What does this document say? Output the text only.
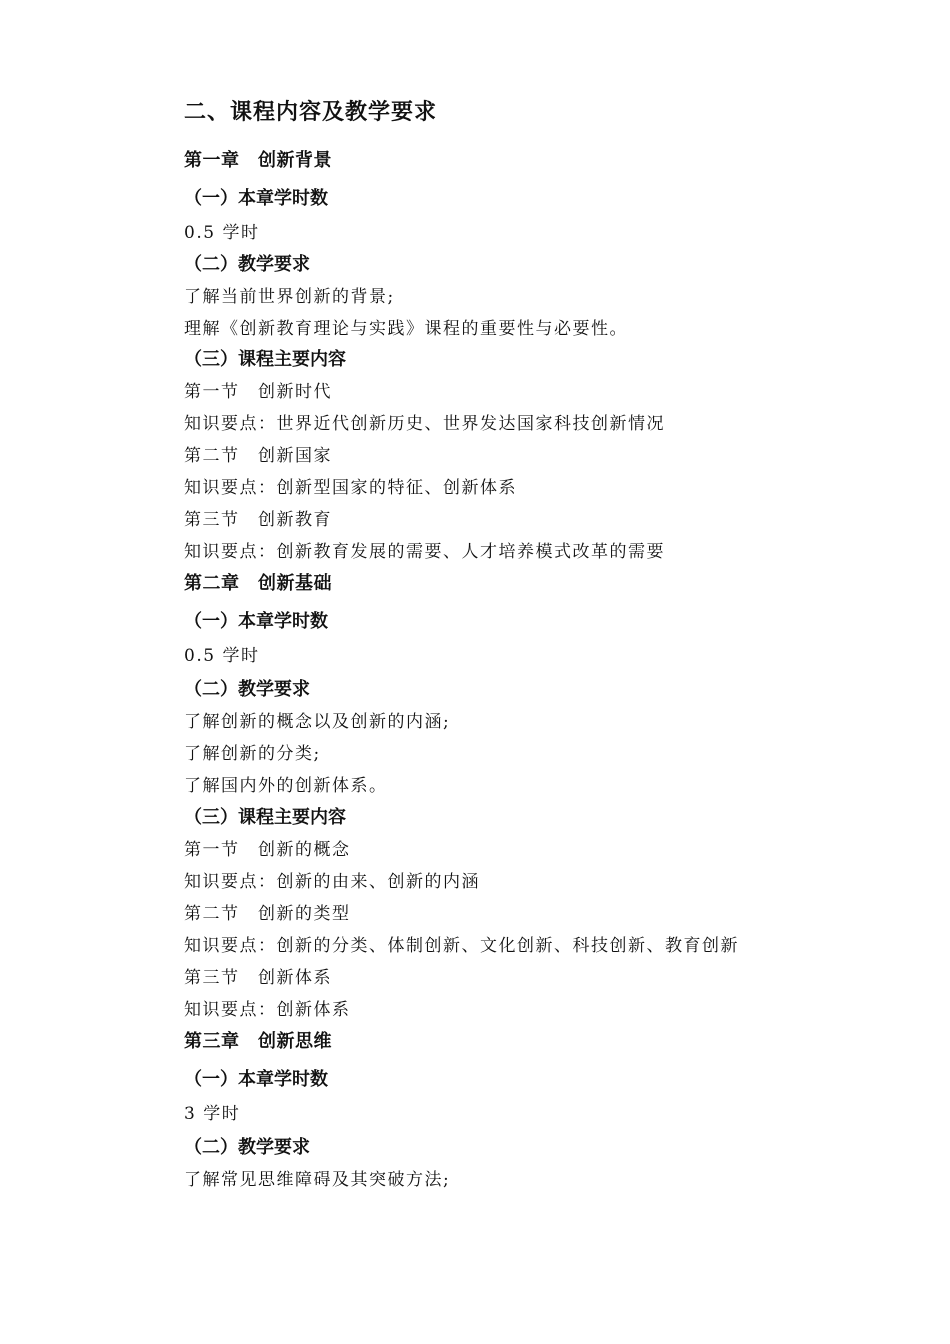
二、课程内容及教学要求
第一章　创新背景
（一）本章学时数
0.5 学时
（二）教学要求
了解当前世界创新的背景;
理解《创新教育理论与实践》课程的重要性与必要性。
（三）课程主要内容
第一节　创新时代
知识要点：世界近代创新历史、世界发达国家科技创新情况
第二节　创新国家
知识要点：创新型国家的特征、创新体系
第三节　创新教育
知识要点：创新教育发展的需要、人才培养模式改革的需要
第二章　创新基础
（一）本章学时数
0.5 学时
（二）教学要求
了解创新的概念以及创新的内涵;
了解创新的分类;
了解国内外的创新体系。
（三）课程主要内容
第一节　创新的概念
知识要点：创新的由来、创新的内涵
第二节　创新的类型
知识要点：创新的分类、体制创新、文化创新、科技创新、教育创新
第三节　创新体系
知识要点：创新体系
第三章　创新思维
（一）本章学时数
3 学时
（二）教学要求
了解常见思维障碍及其突破方法;
